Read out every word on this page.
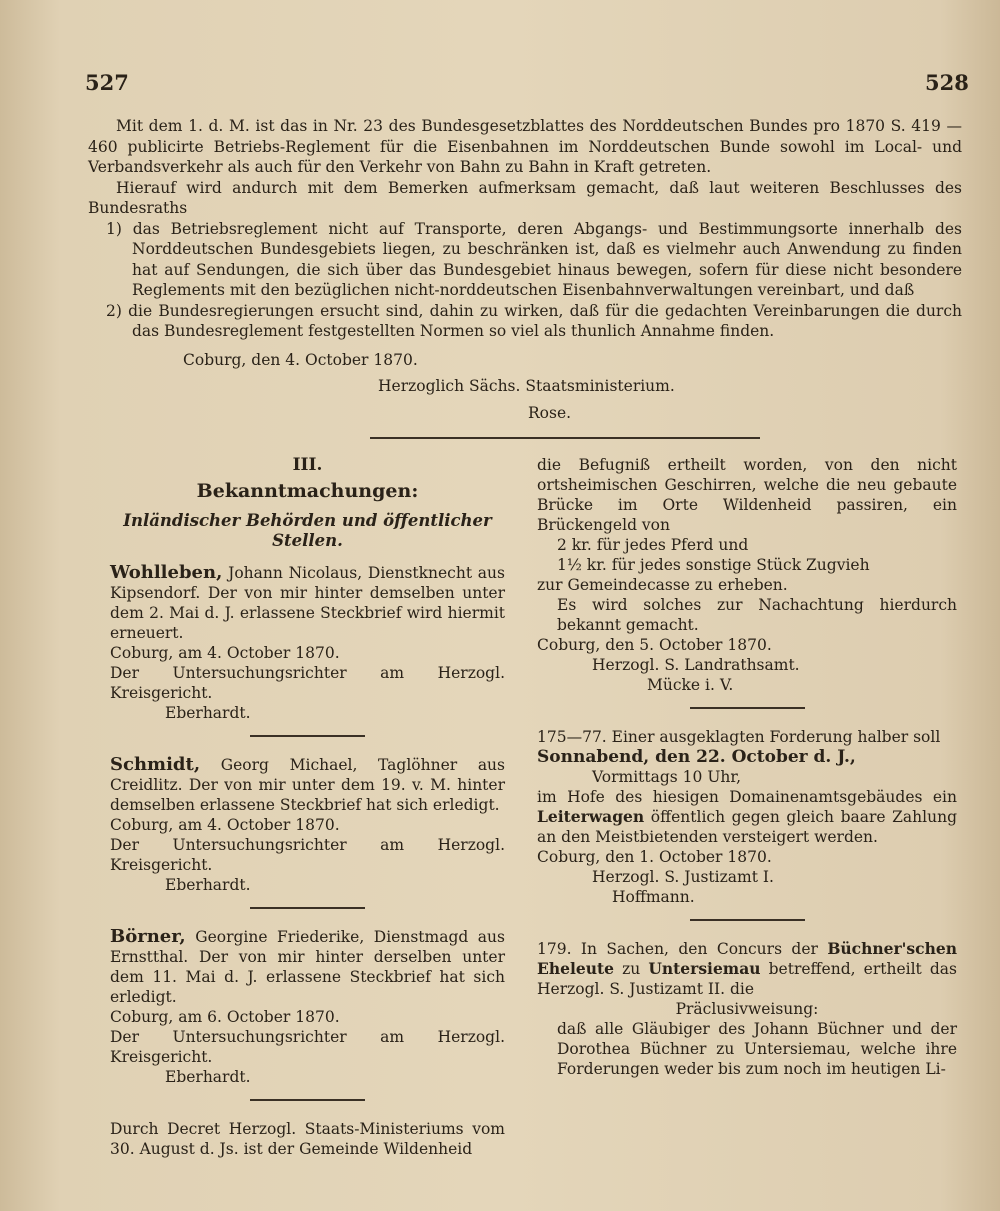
527	528

Mit dem 1. d. M. ist das in Nr. 23 des Bundesgesetzblattes des Norddeutschen Bundes pro 1870 S. 419 — 460 publicirte Betriebs-Reglement für die Eisenbahnen im Norddeutschen Bunde sowohl im Local- und Verbandsverkehr als auch für den Verkehr von Bahn zu Bahn in Kraft getreten.

Hierauf wird andurch mit dem Bemerken aufmerksam gemacht, daß laut weiteren Beschlusses des Bundesraths

1) das Betriebsreglement nicht auf Transporte, deren Abgangs- und Bestimmungsorte innerhalb des Norddeutschen Bundesgebiets liegen, zu beschränken ist, daß es vielmehr auch Anwendung zu finden hat auf Sendungen, die sich über das Bundesgebiet hinaus bewegen, sofern für diese nicht besondere Reglements mit den bezüglichen nicht-norddeutschen Eisenbahnverwaltungen vereinbart, und daß

2) die Bundesregierungen ersucht sind, dahin zu wirken, daß für die gedachten Vereinbarungen die durch das Bundesreglement festgestellten Normen so viel als thunlich Annahme finden.

Coburg, den 4. October 1870.

Herzoglich Sächs. Staatsministerium.

Rose.

III.

Bekanntmachungen:

Inländischer Behörden und öffentlicher Stellen.

Wohlleben, Johann Nicolaus, Dienstknecht aus Kipsendorf. Der von mir hinter demselben unter dem 2. Mai d. J. erlassene Steckbrief wird hiermit erneuert.

Coburg, am 4. October 1870.

Der Untersuchungsrichter am Herzogl. Kreisgericht.

Eberhardt.

Schmidt, Georg Michael, Taglöhner aus Creidlitz. Der von mir unter dem 19. v. M. hinter demselben erlassene Steckbrief hat sich erledigt.

Coburg, am 4. October 1870.

Der Untersuchungsrichter am Herzogl. Kreisgericht.

Eberhardt.

Börner, Georgine Friederike, Dienstmagd aus Ernstthal. Der von mir hinter derselben unter dem 11. Mai d. J. erlassene Steckbrief hat sich erledigt.

Coburg, am 6. October 1870.

Der Untersuchungsrichter am Herzogl. Kreisgericht.

Eberhardt.

Durch Decret Herzogl. Staats-Ministeriums vom 30. August d. Js. ist der Gemeinde Wildenheid

die Befugniß ertheilt worden, von den nicht ortsheimischen Geschirren, welche die neu gebaute Brücke im Orte Wildenheid passiren, ein Brückengeld von

2 kr. für jedes Pferd und

1½ kr. für jedes sonstige Stück Zugvieh

zur Gemeindecasse zu erheben.

Es wird solches zur Nachachtung hierdurch bekannt gemacht.

Coburg, den 5. October 1870.

Herzogl. S. Landrathsamt.

Mücke i. V.

175—77. Einer ausgeklagten Forderung halber soll

Sonnabend, den 22. October d. J.,

Vormittags 10 Uhr,

im Hofe des hiesigen Domainenamtsgebäudes ein Leiterwagen öffentlich gegen gleich baare Zahlung an den Meistbietenden versteigert werden.

Coburg, den 1. October 1870.

Herzogl. S. Justizamt I.

Hoffmann.

179. In Sachen, den Concurs der Büchner'schen Eheleute zu Untersiemau betreffend, ertheilt das Herzogl. S. Justizamt II. die

Präclusivweisung:

daß alle Gläubiger des Johann Büchner und der Dorothea Büchner zu Untersiemau, welche ihre Forderungen weder bis zum noch im heutigen Li-
